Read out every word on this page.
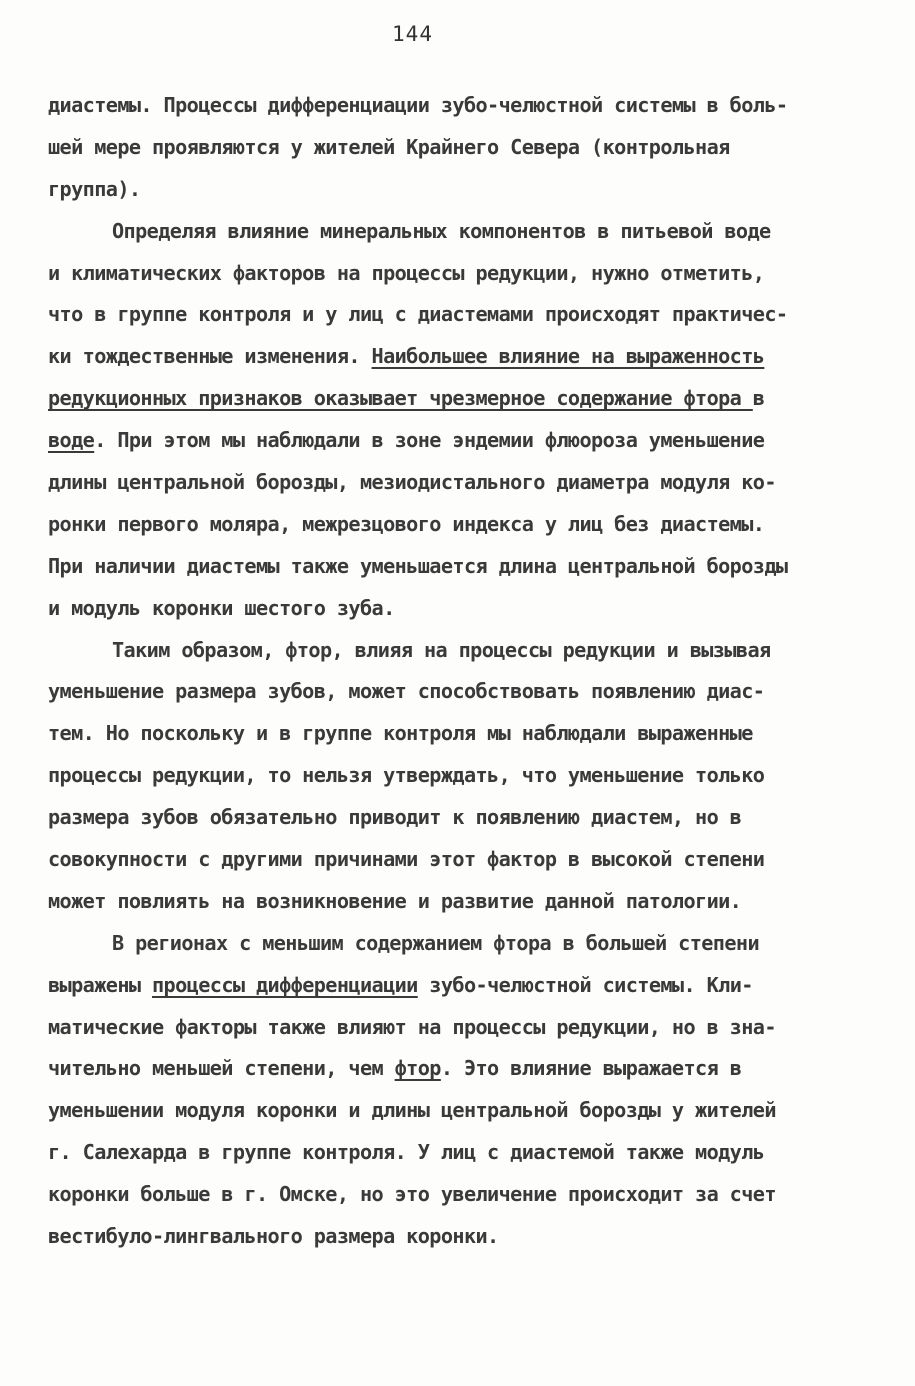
144
диастемы. Процессы дифференциации зубо-челюстной системы в боль-
шей мере проявляются у жителей Крайнего Севера (контрольная
группа).
Определяя влияние минеральных компонентов в питьевой воде
и климатических факторов на процессы редукции, нужно отметить,
что в группе контроля и у лиц с диастемами происходят практичес-
ки тождественные изменения. Наибольшее влияние на выраженность
редукционных признаков оказывает чрезмерное содержание фтора в
воде. При этом мы наблюдали в зоне эндемии флюороза уменьшение
длины центральной борозды, мезиодистального диаметра модуля ко-
ронки первого моляра, межрезцового индекса у лиц без диастемы.
При наличии диастемы также уменьшается длина центральной борозды
и модуль коронки шестого зуба.
Таким образом, фтор, влияя на процессы редукции и вызывая
уменьшение размера зубов, может способствовать появлению диас-
тем. Но поскольку и в группе контроля мы наблюдали выраженные
процессы редукции, то нельзя утверждать, что уменьшение только
размера зубов обязательно приводит к появлению диастем, но в
совокупности с другими причинами этот фактор в высокой степени
может повлиять на возникновение и развитие данной патологии.
В регионах с меньшим содержанием фтора в большей степени
выражены процессы дифференциации зубо-челюстной системы. Кли-
матические факторы также влияют на процессы редукции, но в зна-
чительно меньшей степени, чем фтор. Это влияние выражается в
уменьшении модуля коронки и длины центральной борозды у жителей
г. Салехарда в группе контроля. У лиц с диастемой также модуль
коронки больше в г. Омске, но это увеличение происходит за счет
вестибуло-лингвального размера коронки.
